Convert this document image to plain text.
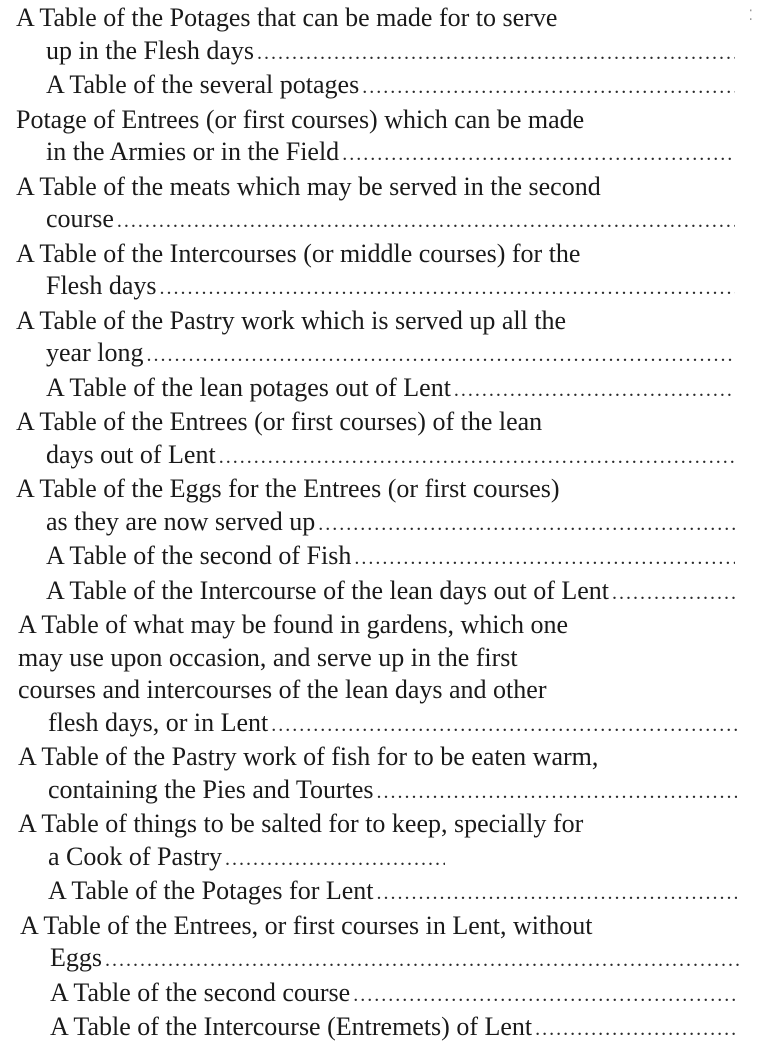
⁚
A Table of the Potages that can be made for to serve
up in the Flesh days
.....
A Table of the several potages
.....
Potage of Entrees (or first courses) which can be made
in the Armies or in the Field
.....
A Table of the meats which may be served in the second
course
.....
A Table of the Intercourses (or middle courses) for the
Flesh days
.....
A Table of the Pastry work which is served up all the
year long
.....
A Table of the lean potages out of Lent
.....
A Table of the Entrees (or first courses) of the lean
days out of Lent
.....
A Table of the Eggs for the Entrees (or first courses)
as they are now served up
.....
A Table of the second of Fish
.....
A Table of the Intercourse of the lean days out of Lent
.....
A Table of what may be found in gardens, which one
may use upon occasion, and serve up in the first
courses and intercourses of the lean days and other
flesh days, or in Lent
.....
A Table of the Pastry work of fish for to be eaten warm,
containing the Pies and Tourtes
.....
A Table of things to be salted for to keep, specially for
a Cook of Pastry
.....
A Table of the Potages for Lent
.....
A Table of the Entrees, or first courses in Lent, without
Eggs
.....
A Table of the second course
.....
A Table of the Intercourse (Entremets) of Lent
.....
